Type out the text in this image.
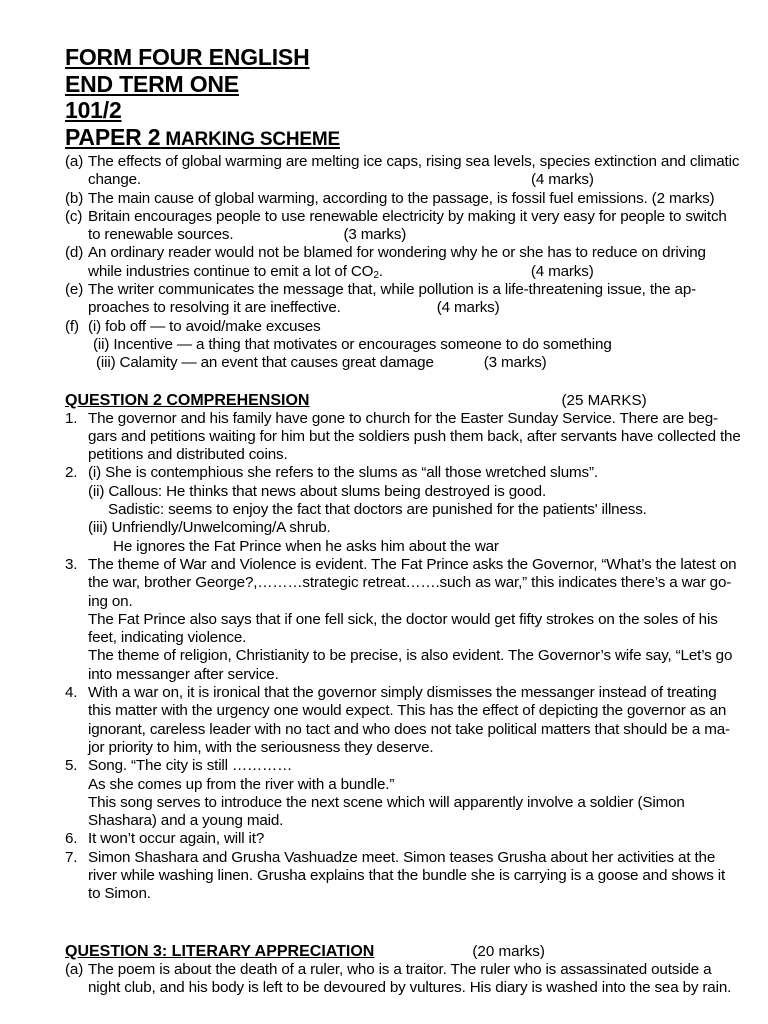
FORM FOUR ENGLISH
END TERM ONE
101/2
PAPER 2 MARKING SCHEME
(a) The effects of global warming are melting ice caps, rising sea levels, species extinction and climatic
change.	(4 marks)
(b) The main cause of global warming, according to the passage, is fossil fuel emissions. (2 marks)
(c) Britain encourages people to use renewable electricity by making it very easy for people to switch
to renewable sources.	(3 marks)
(d) An ordinary reader would not be blamed for wondering why he or she has to reduce on driving
while industries continue to emit a lot of $CO_2$.	(4 marks)
(e) The writer communicates the message that, while pollution is a life-threatening issue, the ap-
proaches to resolving it are ineffective.	(4 marks)
(f) (i) fob off — to avoid/make excuses
(ii) Incentive — a thing that motivates or encourages someone to do something
(iii) Calamity — an event that causes great damage	(3 marks)
QUESTION 2 COMPREHENSION	(25 MARKS)
1. The governor and his family have gone to church for the Easter Sunday Service. There are beg-
gars and petitions waiting for him but the soldiers push them back, after servants have collected the
petitions and distributed coins.
2. (i) She is contemphious she refers to the slums as “all those wretched slums”.
(ii) Callous: He thinks that news about slums being destroyed is good.
Sadistic: seems to enjoy the fact that doctors are punished for the patients' illness.
(iii) Unfriendly/Unwelcoming/A shrub.
He ignores the Fat Prince when he asks him about the war
3. The theme of War and Violence is evident. The Fat Prince asks the Governor, “What’s the latest on
the war, brother George?,………strategic retreat…….such as war,” this indicates there’s a war go-
ing on.
The Fat Prince also says that if one fell sick, the doctor would get fifty strokes on the soles of his
feet, indicating violence.
The theme of religion, Christianity to be precise, is also evident. The Governor’s wife say, “Let’s go
into messanger after service.
4. With a war on, it is ironical that the governor simply dismisses the messanger instead of treating
this matter with the urgency one would expect. This has the effect of depicting the governor as an
ignorant, careless leader with no tact and who does not take political matters that should be a ma-
jor priority to him, with the seriousness they deserve.
5. Song. “The city is still …………
As she comes up from the river with a bundle.”
This song serves to introduce the next scene which will apparently involve a soldier (Simon
Shashara) and a young maid.
6. It won’t occur again, will it?
7. Simon Shashara and Grusha Vashuadze meet. Simon teases Grusha about her activities at the
river while washing linen. Grusha explains that the bundle she is carrying is a goose and shows it
to Simon.
QUESTION 3: LITERARY APPRECIATION	(20 marks)
(a) The poem is about the death of a ruler, who is a traitor. The ruler who is assassinated outside a
night club, and his body is left to be devoured by vultures. His diary is washed into the sea by rain.
